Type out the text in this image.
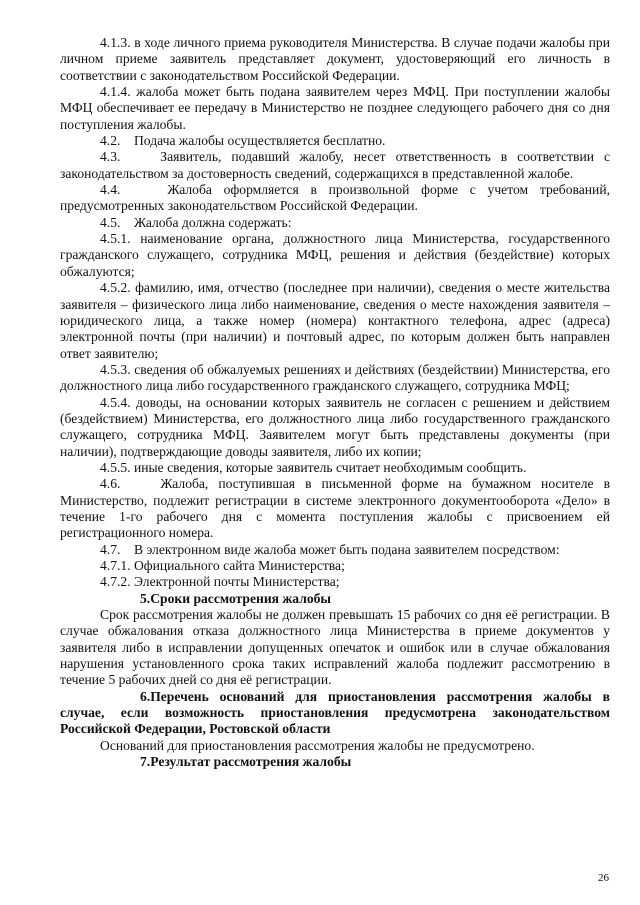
4.1.3. в ходе личного приема руководителя Министерства. В случае подачи жалобы при личном приеме заявитель представляет документ, удостоверяющий его личность в соответствии с законодательством Российской Федерации.

4.1.4. жалоба может быть подана заявителем через МФЦ. При поступлении жалобы МФЦ обеспечивает ее передачу в Министерство не позднее следующего рабочего дня со дня поступления жалобы.

4.2.    Подача жалобы осуществляется бесплатно.

4.3.    Заявитель, подавший жалобу, несет ответственность в соответствии с законодательством за достоверность сведений, содержащихся в представленной жалобе.

4.4.    Жалоба оформляется в произвольной форме с учетом требований, предусмотренных законодательством Российской Федерации.

4.5.    Жалоба должна содержать:

4.5.1. наименование органа, должностного лица Министерства, государственного гражданского служащего, сотрудника МФЦ, решения и действия (бездействие) которых обжалуются;

4.5.2. фамилию, имя, отчество (последнее при наличии), сведения о месте жительства заявителя – физического лица либо наименование, сведения о месте нахождения заявителя – юридического лица, а также номер (номера) контактного телефона, адрес (адреса) электронной почты (при наличии) и почтовый адрес, по которым должен быть направлен ответ заявителю;

4.5.3. сведения об обжалуемых решениях и действиях (бездействии) Министерства, его должностного лица либо государственного гражданского служащего, сотрудника МФЦ;

4.5.4. доводы, на основании которых заявитель не согласен с решением и действием (бездействием) Министерства, его должностного лица либо государственного гражданского служащего, сотрудника МФЦ. Заявителем могут быть представлены документы (при наличии), подтверждающие доводы заявителя, либо их копии;

4.5.5. иные сведения, которые заявитель считает необходимым сообщить.

4.6.    Жалоба, поступившая в письменной форме на бумажном носителе в Министерство, подлежит регистрации в системе электронного документооборота «Дело» в течение 1-го рабочего дня с момента поступления жалобы с присвоением ей регистрационного номера.

4.7.    В электронном виде жалоба может быть подана заявителем посредством:

4.7.1. Официального сайта Министерства;

4.7.2. Электронной почты Министерства;

5.Сроки рассмотрения жалобы

Срок рассмотрения жалобы не должен превышать 15 рабочих со дня её регистрации. В случае обжалования отказа должностного лица Министерства в приеме документов у заявителя либо в исправлении допущенных опечаток и ошибок или в случае обжалования нарушения установленного срока таких исправлений жалоба подлежит рассмотрению в течение 5 рабочих дней со дня её регистрации.

6.Перечень оснований для приостановления рассмотрения жалобы в случае, если возможность приостановления предусмотрена законодательством Российской Федерации, Ростовской области

Оснований для приостановления рассмотрения жалобы не предусмотрено.

7.Результат рассмотрения жалобы

26
